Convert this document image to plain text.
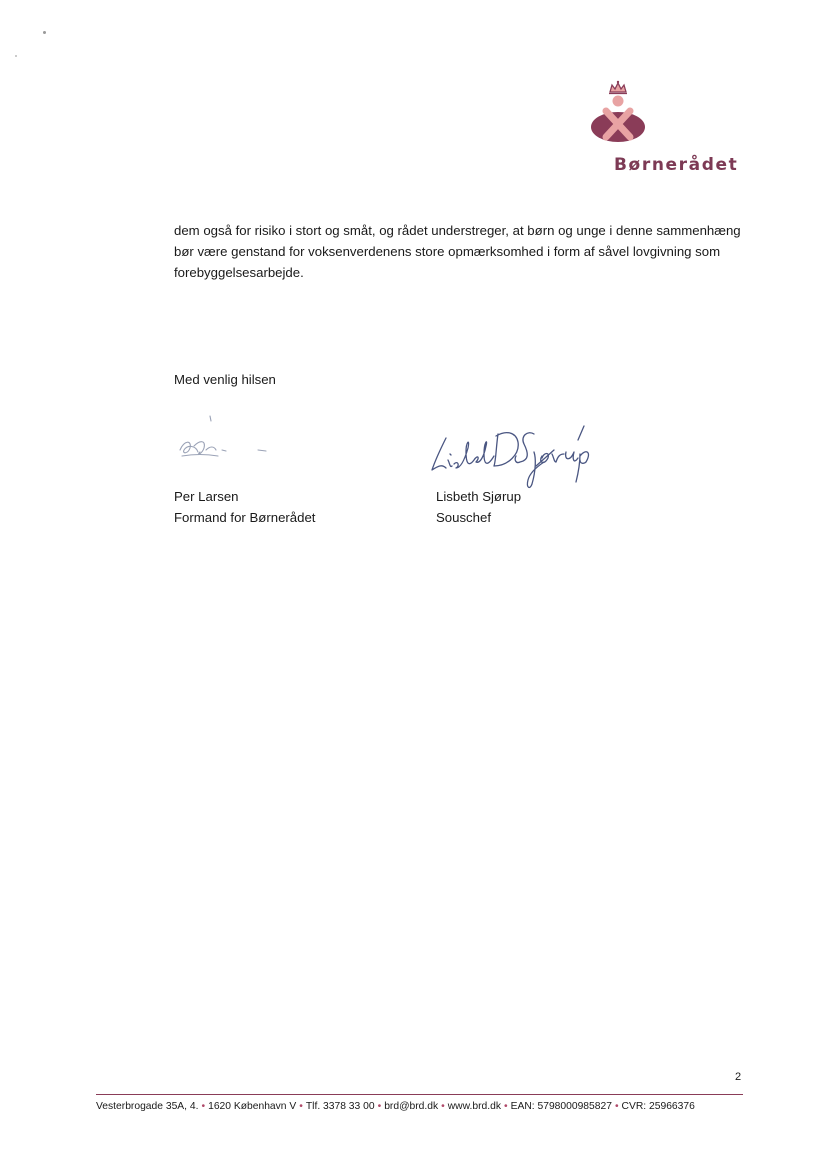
Børnerådet

dem også for risiko i stort og småt, og rådet understreger, at børn og unge i denne sammenhæng bør være genstand for voksenverdenens store opmærksomhed i form af såvel lovgivning som forebyggelsesarbejde.

Med venlig hilsen
Per Larsen
Formand for Børnerådet
Lisbeth Sjørup
Souschef
2
Vesterbrogade 35A, 4. • 1620 København V • Tlf. 3378 33 00 • brd@brd.dk • www.brd.dk • EAN: 5798000985827 • CVR: 25966376
